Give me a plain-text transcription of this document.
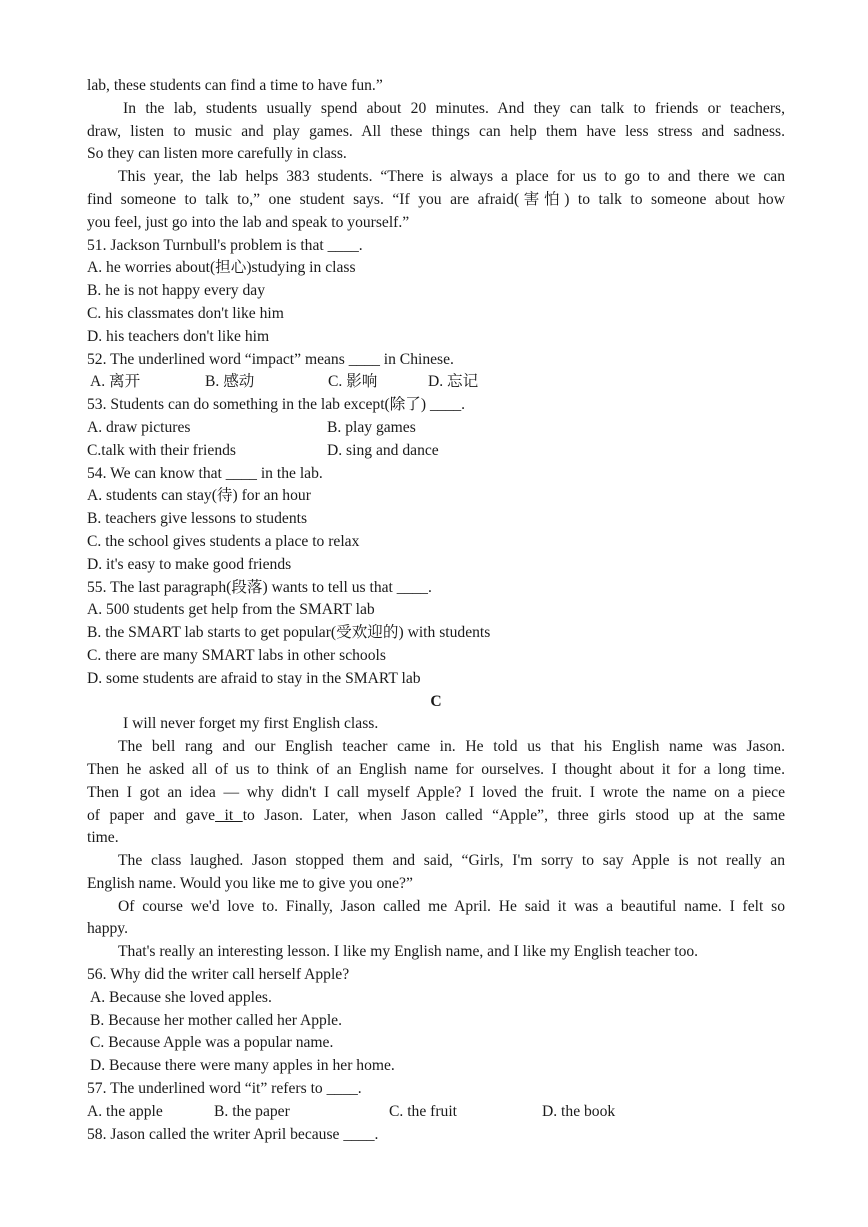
lab, these students can find a time to have fun.”
In the lab, students usually spend about 20 minutes. And they can talk to friends or teachers,
draw, listen to music and play games. All these things can help them have less stress and sadness.
So they can listen more carefully in class.
This year, the lab helps 383 students. “There is always a place for us to go to and there we can
find someone to talk to,” one student says. “If you are afraid(害怕) to talk to someone about how
you feel, just go into the lab and speak to yourself.”
51. Jackson Turnbull's problem is that ____.
A. he worries about(担心)studying in class
B. he is not happy every day
C. his classmates don't like him
D. his teachers don't like him
52. The underlined word “impact” means ____ in Chinese.
A. 离开	B. 感动	C. 影响	D. 忘记
53. Students can do something in the lab except(除了) ____.
A. draw pictures	B. play games
C.talk with their friends	D. sing and dance
54. We can know that ____ in the lab.
A. students can stay(待) for an hour
B. teachers give lessons to students
C. the school gives students a place to relax
D. it's easy to make good friends
55. The last paragraph(段落) wants to tell us that ____.
A. 500 students get help from the SMART lab
B. the SMART lab starts to get popular(受欢迎的) with students
C. there are many SMART labs in other schools
D. some students are afraid to stay in the SMART lab
C
I will never forget my first English class.
The bell rang and our English teacher came in. He told us that his English name was Jason.
Then he asked all of us to think of an English name for ourselves. I thought about it for a long time.
Then I got an idea — why didn't I call myself Apple? I loved the fruit. I wrote the name on a piece
of paper and gave it to Jason. Later, when Jason called “Apple”, three girls stood up at the same
time.
The class laughed. Jason stopped them and said, “Girls, I'm sorry to say Apple is not really an
English name. Would you like me to give you one?”
Of course we'd love to. Finally, Jason called me April. He said it was a beautiful name. I felt so
happy.
That's really an interesting lesson. I like my English name, and I like my English teacher too.
56. Why did the writer call herself Apple?
A. Because she loved apples.
B. Because her mother called her Apple.
C. Because Apple was a popular name.
D. Because there were many apples in her home.
57. The underlined word “it” refers to ____.
A. the apple	B. the paper	C. the fruit	D. the book
58. Jason called the writer April because ____.
